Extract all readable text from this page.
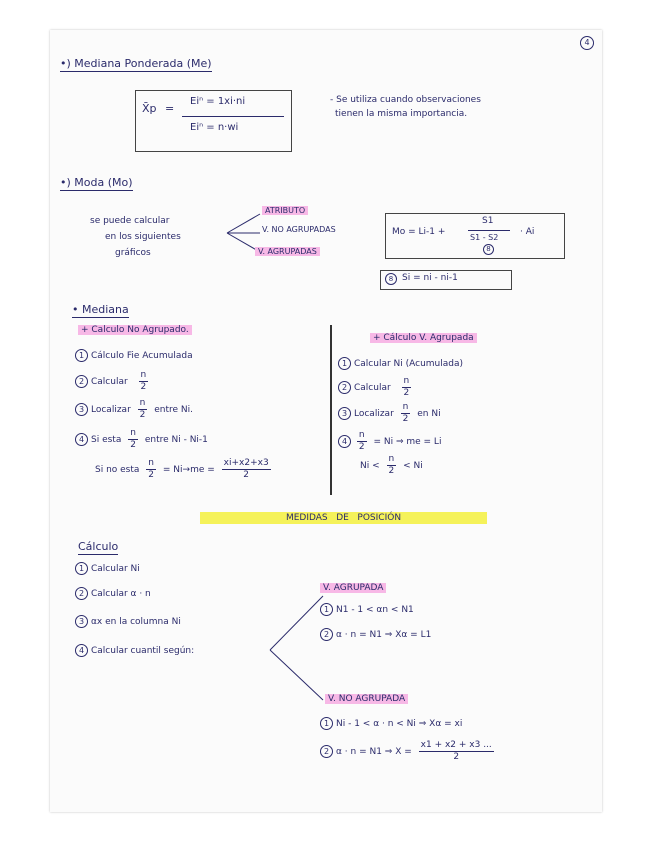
4
•) Mediana Ponderada (Me)
X̄p =
Eiⁿ = 1xi·ni
Eiⁿ = n·wi
- Se utiliza cuando observaciones
tienen la misma importancia.
•) Moda (Mo)
se puede calcular
en los siguientes
gráficos
ATRIBUTO
V. NO AGRUPADAS
V. AGRUPADAS
Mo = Li-1 +
S1
S1 - S2
· Ai
8
8 Si = ni - ni-1
• Mediana
+ Calculo No Agrupado.
1 Cálculo Fie Acumulada
2 Calcular $\frac{n}{2}$
3 Localizar $\frac{n}{2}$ entre Ni.
4 Si esta $\frac{n}{2}$ entre Ni - Ni-1
Si no esta $\frac{n}{2} = Ni\to me = \frac{xi+x2+x3}{2}$
+ Cálculo V. Agrupada
1 Calcular Ni (Acumulada)
2 Calcular $\frac{n}{2}$
3 Localizar $\frac{n}{2}$ en Ni
$4 \frac{n}{2} = Ni$ ⇒ me = Li
$Ni < \frac{n}{2} < Ni$
MEDIDAS   DE   POSICIÓN
Cálculo
1 Calcular Ni
2 Calcular α · n
3 αx en la columna Ni
4 Calcular cuantil según:
V. AGRUPADA
1 N1 - 1 < αn < N1
2 α · n = N1 ⇒ Xα = L1
V. NO AGRUPADA
1 Ni - 1 < α · n < Ni ⇒ Xα = xi
2 α · n = N1 ⇒ $X = \frac{x1 + x2 + x3 ...}{2}$
